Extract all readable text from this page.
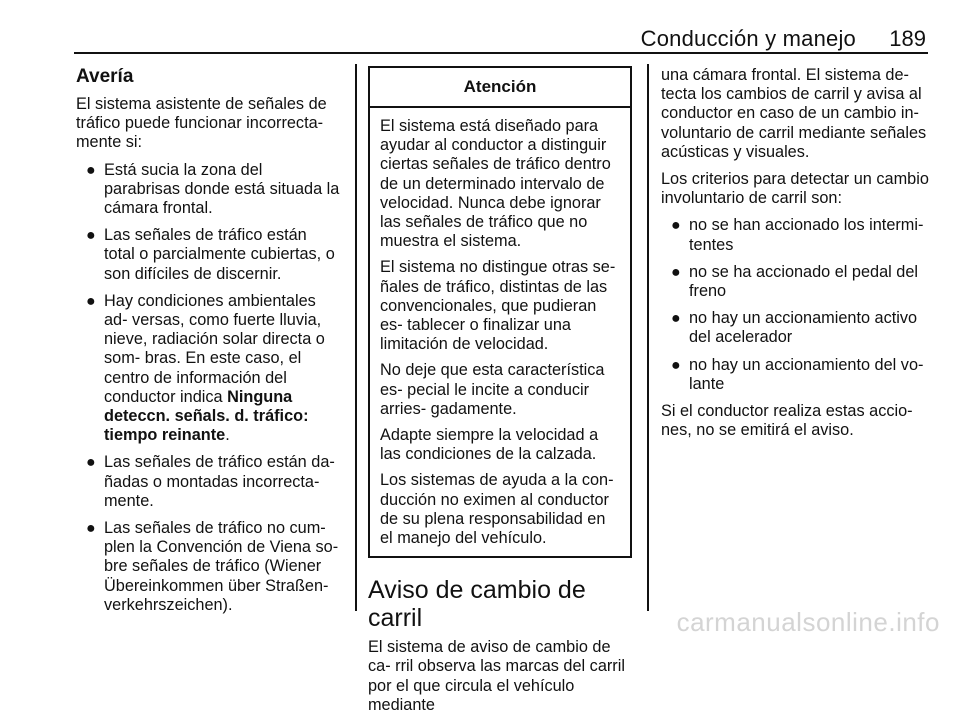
Conducción y manejo	189
Avería

El sistema asistente de señales de tráfico puede funcionar incorrecta- mente si:

● Está sucia la zona del parabrisas donde está situada la cámara frontal.
● Las señales de tráfico están total o parcialmente cubiertas, o son difíciles de discernir.
● Hay condiciones ambientales ad- versas, como fuerte lluvia, nieve, radiación solar directa o som- bras. En este caso, el centro de información del conductor indica Ninguna deteccn. señals. d. tráfico: tiempo reinante.
● Las señales de tráfico están da- ñadas o montadas incorrecta- mente.
● Las señales de tráfico no cum- plen la Convención de Viena so- bre señales de tráfico (Wiener Übereinkommen über Straßen- verkehrszeichen).
Atención

El sistema está diseñado para ayudar al conductor a distinguir ciertas señales de tráfico dentro de un determinado intervalo de velocidad. Nunca debe ignorar las señales de tráfico que no muestra el sistema.

El sistema no distingue otras se- ñales de tráfico, distintas de las convencionales, que pudieran es- tablecer o finalizar una limitación de velocidad.

No deje que esta característica es- pecial le incite a conducir arries- gadamente.

Adapte siempre la velocidad a las condiciones de la calzada.

Los sistemas de ayuda a la con- ducción no eximen al conductor de su plena responsabilidad en el manejo del vehículo.

Aviso de cambio de carril

El sistema de aviso de cambio de ca- rril observa las marcas del carril por el que circula el vehículo mediante

una cámara frontal. El sistema de- tecta los cambios de carril y avisa al conductor en caso de un cambio in- voluntario de carril mediante señales acústicas y visuales.

Los criterios para detectar un cambio involuntario de carril son:

● no se han accionado los intermi- tentes
● no se ha accionado el pedal del freno
● no hay un accionamiento activo del acelerador
● no hay un accionamiento del vo- lante

Si el conductor realiza estas accio- nes, no se emitirá el aviso.

carmanualsonline.info
